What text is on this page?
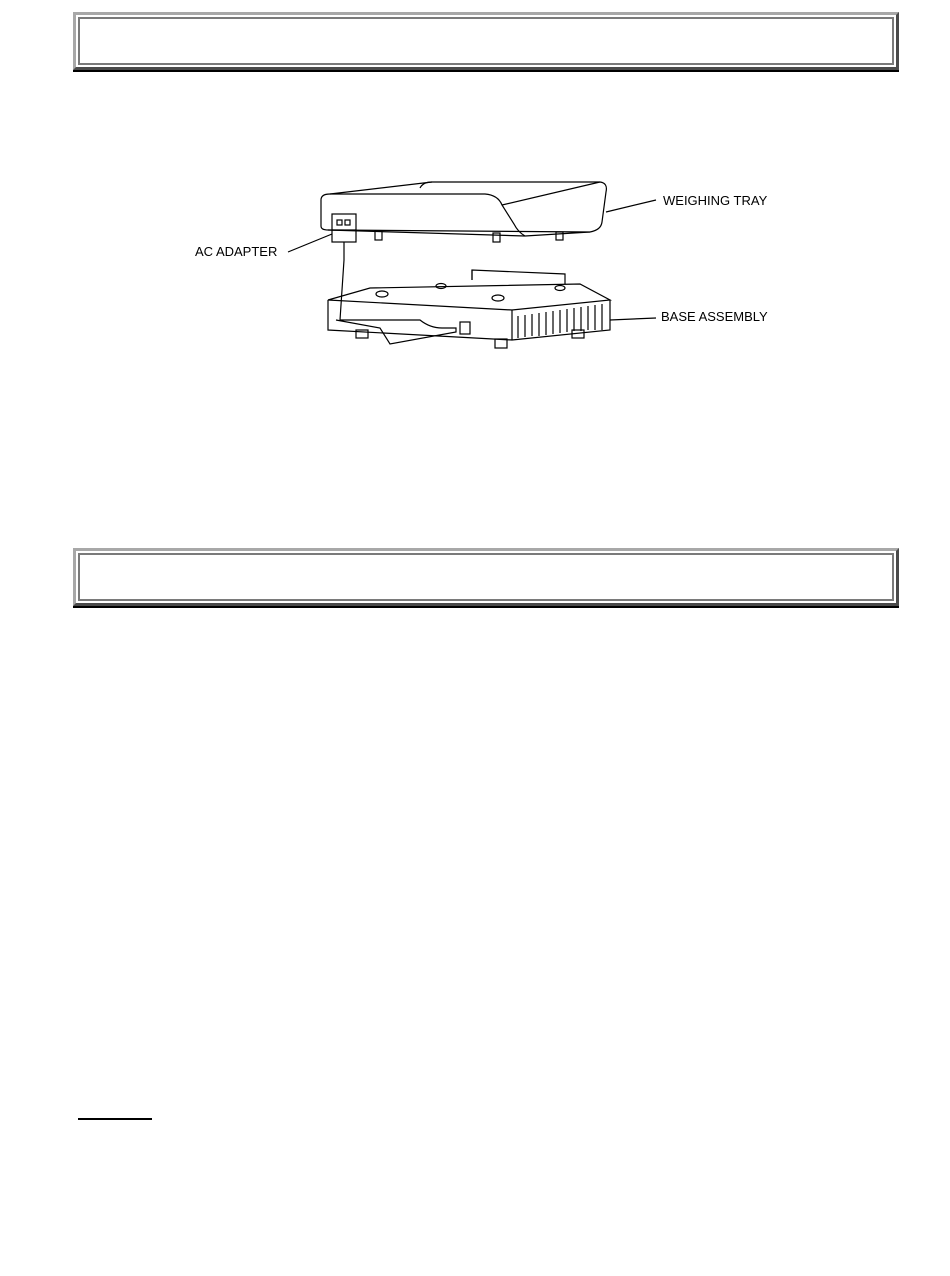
WEIGHING TRAY
AC ADAPTER
BASE ASSEMBLY
